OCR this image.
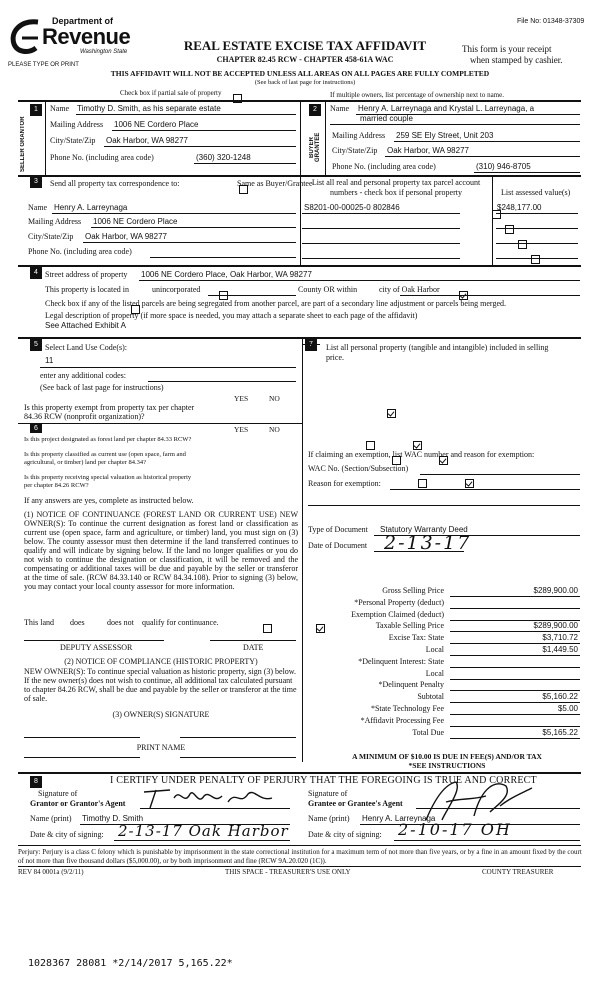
File No: 01348-37309
Department of
Revenue
Washington State
PLEASE TYPE OR PRINT
REAL ESTATE EXCISE TAX AFFIDAVIT
CHAPTER 82.45 RCW - CHAPTER 458-61A WAC
This form is your receipt
when stamped by cashier.
THIS AFFIDAVIT WILL NOT BE ACCEPTED UNLESS ALL AREAS ON ALL PAGES ARE FULLY COMPLETED
(See back of last page for instructions)
Check box if partial sale of property
	If multiple owners, list percentage of ownership next to name.
1
SELLER GRANTOR
Name Timothy D. Smith, as his separate estate
Mailing Address 1006 NE Cordero Place
City/State/Zip Oak Harbor, WA 98277
Phone No. (including area code)	(360) 320-1248
2
BUYER GRANTEE
Name Henry A. Larreynaga and Krystal L. Larreynaga, a
married couple
Mailing Address 259 SE Ely Street, Unit 203
City/State/Zip Oak Harbor, WA 98277
Phone No. (including area code)	(310) 946-8705
3	Send all property tax correspondence to:
	Same as Buyer/Grantee List all real and personal property tax parcel account
numbers - check box if personal property	List assessed value(s)
Name Henry A. Larreynaga
Mailing Address 1006 NE Cordero Place
City/State/Zip Oak Harbor, WA 98277
Phone No. (including area code)
S8201-00-00025-0 802846
	$248,177.00

4 Street address of property 1006 NE Cordero Place, Oak Harbor, WA 98277
This property is located in
	unincorporated	County OR within
	city of Oak Harbor

Check box if any of the listed parcels are being segregated from another parcel, are part of a secondary line adjustment or parcels being merged.
Legal description of property (if more space is needed, you may attach a separate sheet to each page of the affidavit)
See Attached Exhibit A
5 Select Land Use Code(s):
11
enter any additional codes:
(See back of last page for instructions)
YES	NO
Is this property exempt from property tax per chapter
84.36 RCW (nonprofit organization)?

7	List all personal property (tangible and intangible) included in selling
price.
6	YES	NO
Is this project designated as forest land per chapter 84.33 RCW?

Is this property classified as current use (open space, farm and
agricultural, or timber) land per chapter 84.34?

Is this property receiving special valuation as historical property
per chapter 84.26 RCW?

If any answers are yes, complete as instructed below.
(1) NOTICE OF CONTINUANCE (FOREST LAND OR CURRENT USE) NEW OWNER(S): To continue the current designation as forest land or classification as current use (open space, farm and agriculture, or timber) land, you must sign on (3) below. The county assessor must then determine if the land transferred continues to qualify and will indicate by signing below. If the land no longer qualifies or you do not wish to continue the designation or classification, it will be removed and the compensating or additional taxes will be due and payable by the seller or transferor at the time of sale. (RCW 84.33.140 or RCW 84.34.108). Prior to signing (3) below, you may contact your local county assessor for more information.
This land
does	does not qualify for continuance.
DEPUTY ASSESSOR	DATE
(2) NOTICE OF COMPLIANCE (HISTORIC PROPERTY)
NEW OWNER(S): To continue special valuation as historic property, sign (3) below. If the new owner(s) does not wish to continue, all additional tax calculated pursuant to chapter 84.26 RCW, shall be due and payable by the seller or transferor at the time of sale.
(3) OWNER(S) SIGNATURE
PRINT NAME
If claiming an exemption, list WAC number and reason for exemption:
WAC No. (Section/Subsection)
Reason for exemption:
Type of Document Statutory Warranty Deed
Date of Document 2-13-17
Gross Selling Price	$289,900.00
*Personal Property (deduct)
Exemption Claimed (deduct)
Taxable Selling Price	$289,900.00
Excise Tax: State	$3,710.72
Local	$1,449.50
*Delinquent Interest: State
Local
*Delinquent Penalty
Subtotal	$5,160.22
*State Technology Fee	$5.00
*Affidavit Processing Fee
Total Due	$5,165.22
A MINIMUM OF $10.00 IS DUE IN FEE(S) AND/OR TAX
*SEE INSTRUCTIONS
8	I CERTIFY UNDER PENALTY OF PERJURY THAT THE FOREGOING IS TRUE AND CORRECT
Signature of
Grantor or Grantor's Agent
Signature of
Grantee or Grantee's Agent
Name (print) Timothy D. Smith	Name (print) Henry A. Larreynaga
Date & city of signing: 2-13-17 Oak Harbor Date & city of signing: 2-10-17 OH
Perjury: Perjury is a class C felony which is punishable by imprisonment in the state correctional institution for a maximum term of not more than five years, or by a fine in an amount fixed by the court of not more than five thousand dollars ($5,000.00), or by both imprisonment and fine (RCW 9A.20.020 (1C)).
REV 84 0001a (9/2/11)	THIS SPACE - TREASURER'S USE ONLY	COUNTY TREASURER
1028367 28081 *2/14/2017 5,165.22*
